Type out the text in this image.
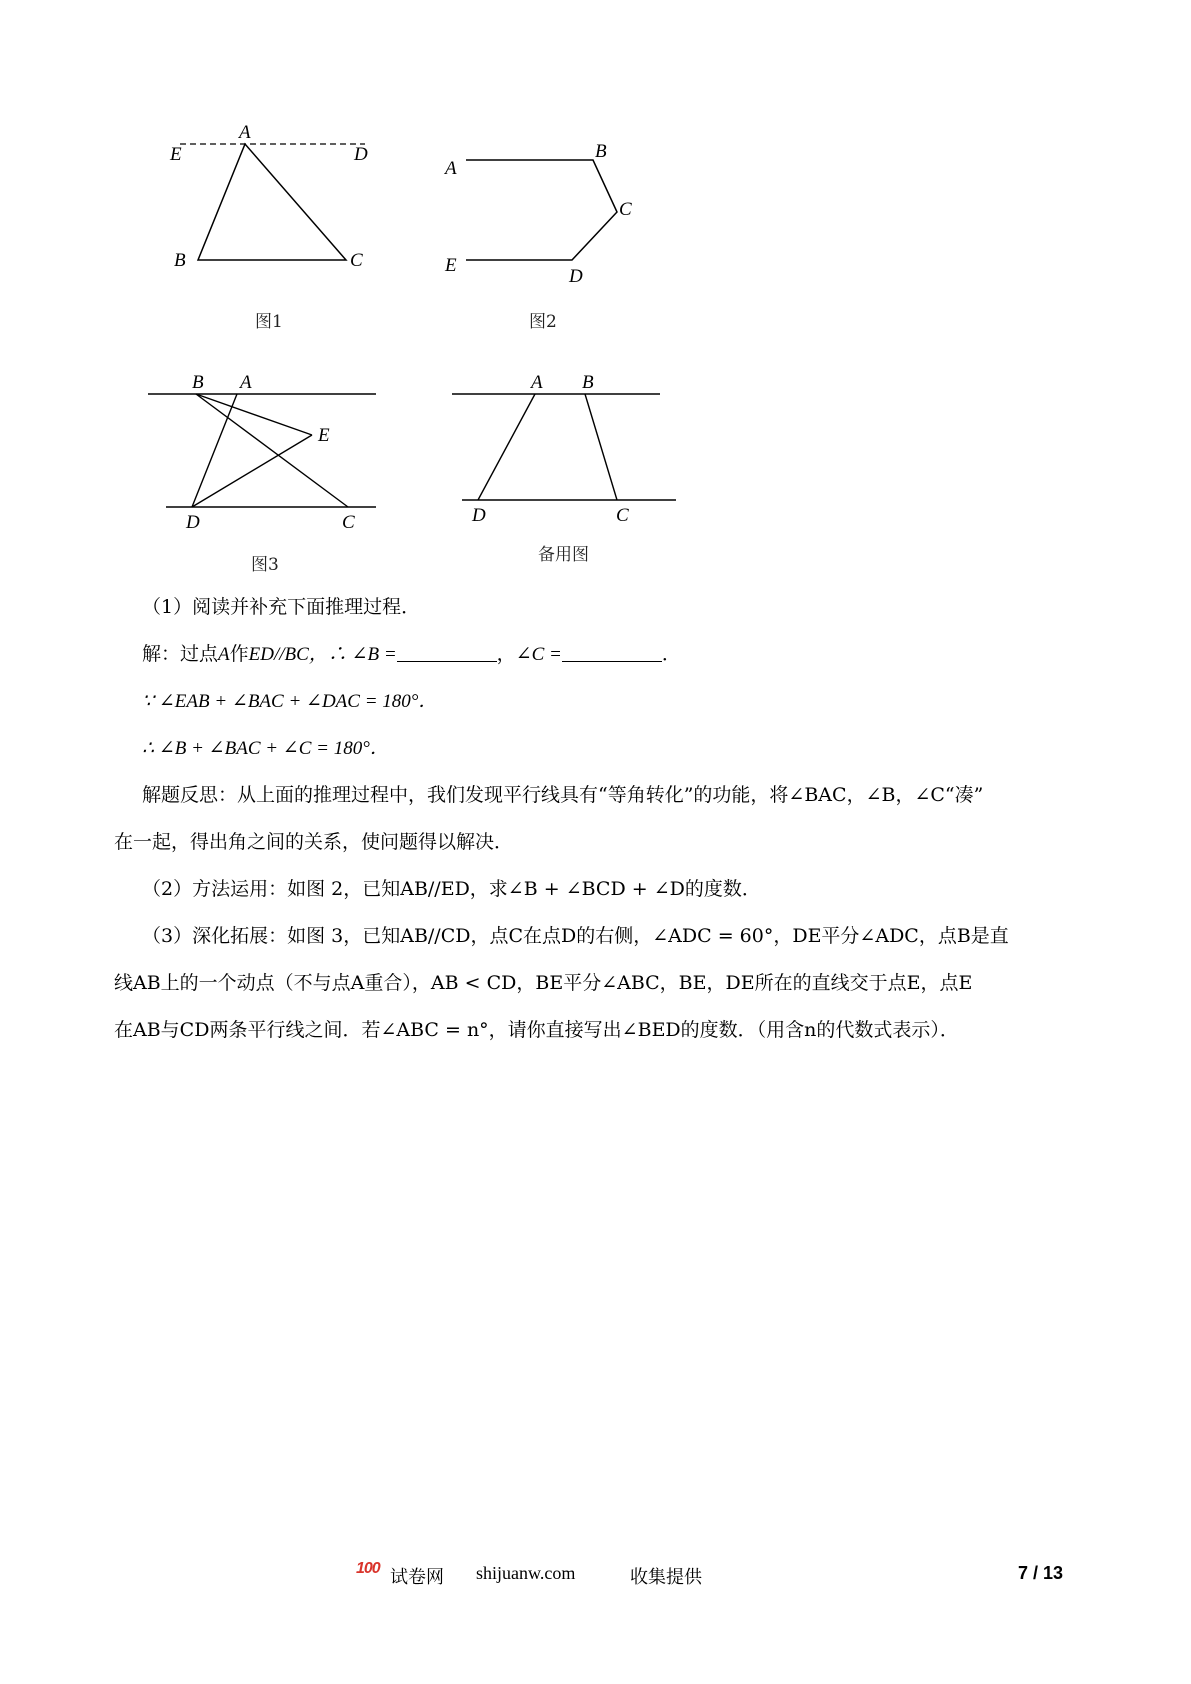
A
E	D
B	C
图1
A
B
C
D
E
图2
B A
E
D	C
图3
A B
D	C
备用图
（1）阅读并补充下面推理过程．
解：过点A作ED//BC，∴ ∠B =	，∠C =	．
∵ ∠EAB + ∠BAC + ∠DAC = 180°．
∴ ∠B + ∠BAC + ∠C = 180°．
解题反思：从上面的推理过程中，我们发现平行线具有“等角转化”的功能，将∠BAC，∠B，∠C“凑”
在一起，得出角之间的关系，使问题得以解决．
（2）方法运用：如图 2，已知AB//ED，求∠B + ∠BCD + ∠D的度数．
（3）深化拓展：如图 3，已知AB//CD，点C在点D的右侧，∠ADC = 60°，DE平分∠ADC，点B是直
线AB上的一个动点（不与点A重合），AB < CD，BE平分∠ABC，BE，DE所在的直线交于点E，点E
在AB与CD两条平行线之间．若∠ABC = n°，请你直接写出∠BED的度数．（用含n的代数式表示）．
100 试卷网 shijuanw.com	收集提供	7 / 13
